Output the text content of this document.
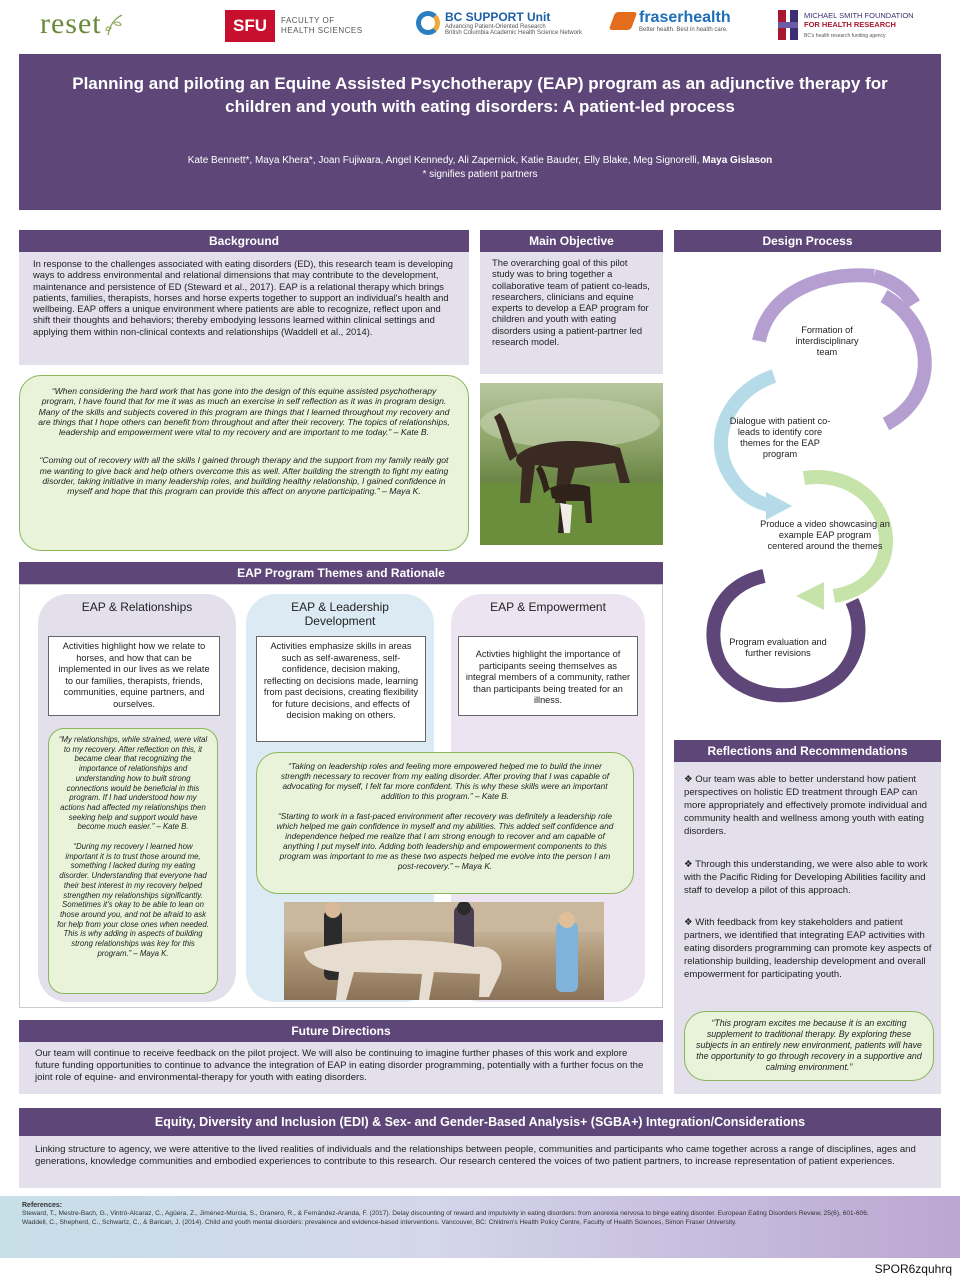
reset	SFU	FACULTY OF HEALTH SCIENCES
BC SUPPORT Unit
Advancing Patient-Oriented Research
British Columbia Academic Health Science Network
fraserhealth
Better health. Best in health care.
MICHAEL SMITH FOUNDATION
FOR HEALTH RESEARCH
BC's health research funding agency
Planning and piloting an Equine Assisted Psychotherapy (EAP) program as an adjunctive therapy for children and youth with eating disorders: A patient-led process
Kate Bennett*, Maya Khera*, Joan Fujiwara, Angel Kennedy, Ali Zapernick, Katie Bauder, Elly Blake, Meg Signorelli, Maya Gislason
* signifies patient partners
Background

In response to the challenges associated with eating disorders (ED), this research team is developing ways to address environmental and relational dimensions that may contribute to the development, maintenance and persistence of ED (Steward et al., 2017). EAP is a relational therapy which brings patients, families, therapists, horses and horse experts together to support an individual's health and wellbeing. EAP offers a unique environment where patients are able to recognize, reflect upon and shift their thoughts and behaviors; thereby embodying lessons learned within clinical settings and applying them within non-clinical contexts and relationships (Waddell et al., 2014).

Main Objective

The overarching goal of this pilot study was to bring together a collaborative team of patient co-leads, researchers, clinicians and equine experts to develop a EAP program for children and youth with eating disorders using a patient-partner led research model.

“When considering the hard work that has gone into the design of this equine assisted psychotherapy program, I have found that for me it was as much an exercise in self reflection as it was in program design. Many of the skills and subjects covered in this program are things that I learned throughout my recovery and are things that I hope others can benefit from throughout and after their recovery. The topics of relationships, leadership and empowerment were vital to my recovery and are important to me today.” – Kate B.

“Coming out of recovery with all the skills I gained through therapy and the support from my family really got me wanting to give back and help others overcome this as well. After building the strength to fight my eating disorder, taking initiative in many leadership roles, and building healthy relationship, I gained confidence in myself and hope that this program can provide this affect on anyone participating.” – Maya K.

Design Process
Formation of interdisciplinary team
Dialogue with patient co-leads to identify core themes for the EAP program
Produce a video showcasing an example EAP program centered around the themes
Program evaluation and further revisions
EAP Program Themes and Rationale
EAP & Relationships	EAP & Leadership Development
EAP & Empowerment
Activities highlight how we relate to horses, and how that can be implemented in our lives as we relate to our families, therapists, friends, communities, equine partners, and ourselves.
Activities emphasize skills in areas such as self-awareness, self-confidence, decision making, reflecting on decisions made, learning from past decisions, creating flexibility for future decisions, and effects of decision making on others.
Activties highlight the importance of participants seeing themselves as integral members of a community, rather than participants being treated for an illness.

“My relationships, while strained, were vital to my recovery. After reflection on this, it became clear that recognizing the importance of relationships and understanding how to built strong connections would be beneficial in this program. If I had understood how my actions had affected my relationships then seeking help and support would have become much easier.” – Kate B.

“During my recovery I learned how important it is to trust those around me, something I lacked during my eating disorder. Understanding that everyone had their best interest in my recovery helped strengthen my relationships significantly. Sometimes it's okay to be able to lean on those around you, and not be afraid to ask for help from your close ones when needed. This is why adding in aspects of building strong relationships was key for this program.” – Maya K.

“Taking on leadership roles and feeling more empowered helped me to build the inner strength necessary to recover from my eating disorder. After proving that I was capable of advocating for myself, I felt far more confident. This is why these skills were an important addition to this program.” – Kate B.

“Starting to work in a fast-paced environment after recovery was definitely a leadership role which helped me gain confidence in myself and my abilities. This added self confidence and independence helped me realize that I am strong enough to recover and am capable of anything I put myself into. Adding both leadership and empowerment components to this program was important to me as these two aspects helped me evolve into the person I am post-recovery.” – Maya K.

Reflections and Recommendations
❖ Our team was able to better understand how patient perspectives on holistic ED treatment through EAP can more appropriately and effectively promote individual and community health and wellness among youth with eating disorders.
❖ Through this understanding, we were also able to work with the Pacific Riding for Developing Abilities facility and staff to develop a pilot of this approach.
❖ With feedback from key stakeholders and patient partners, we identified that integrating EAP activities with eating disorders programming can promote key aspects of relationship building, leadership development and overall empowerment for participating youth.

“This program excites me because it is an exciting supplement to traditional therapy. By exploring these subjects in an entirely new environment, patients will have the opportunity to go through recovery in a supportive and calming environment.”

Future Directions

Our team will continue to receive feedback on the pilot project. We will also be continuing to imagine further phases of this work and explore future funding opportunities to continue to advance the integration of EAP in eating disorder programming, potentially with a further focus on the joint role of equine- and environmental-therapy for youth with eating disorders.

Equity, Diversity and Inclusion (EDI) & Sex- and Gender-Based Analysis+ (SGBA+) Integration/Considerations

Linking structure to agency, we were attentive to the lived realities of individuals and the relationships between people, communities and participants who came together across a range of disciplines, ages and generations, knowledge communities and embodied experiences to contribute to this research. Our research centered the voices of two patient partners, to increase representation of patient experiences.

References:
Steward, T., Mestre-Bach, G., Vintró-Alcaraz, C., Agüera, Z., Jiménez-Murcia, S., Granero, R., & Fernández-Aranda, F. (2017). Delay discounting of reward and impulsivity in eating disorders: from anorexia nervosa to binge eating disorder. European Eating Disorders Review, 25(6), 601-606.
Waddell, C., Shepherd, C., Schwartz, C., & Barican, J. (2014). Child and youth mental disorders: prevalence and evidence-based interventions. Vancouver, BC: Children's Health Policy Centre, Faculty of Health Sciences, Simon Fraser University.
SPOR6zquhrq
